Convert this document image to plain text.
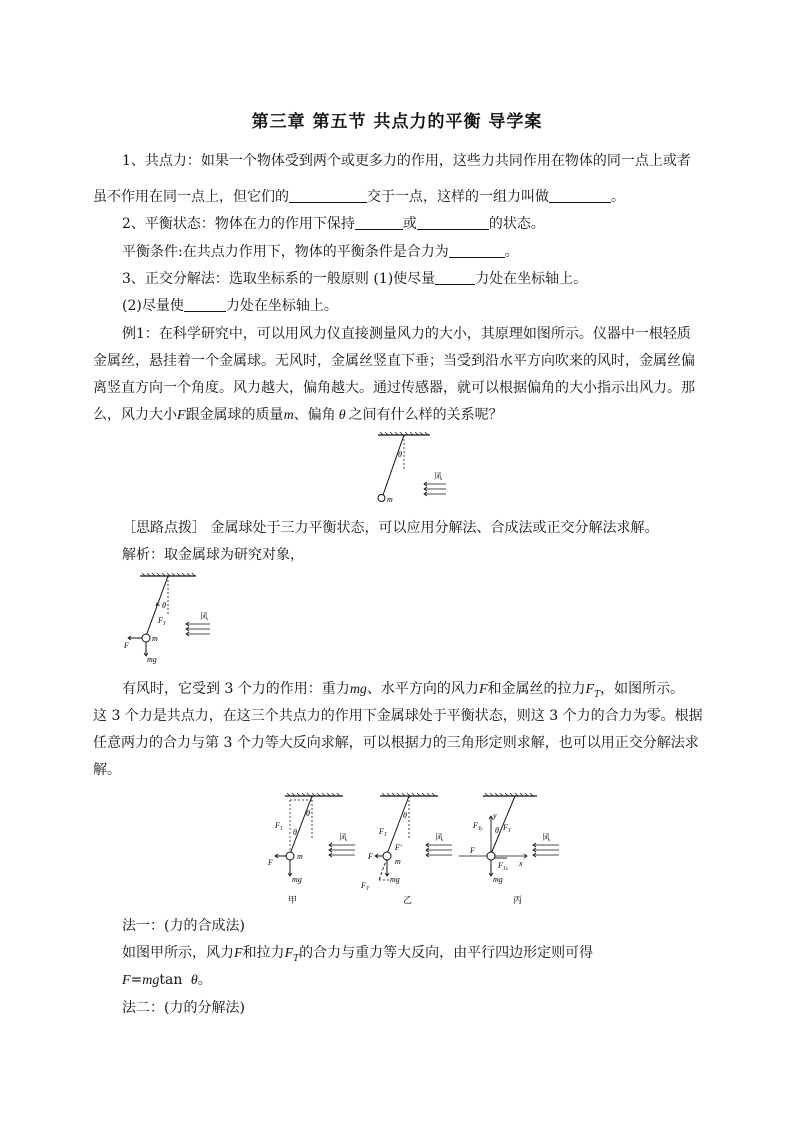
第三章 第五节 共点力的平衡 导学案
1、共点力：如果一个物体受到两个或更多力的作用，这些力共同作用在物体的同一点上或者
虽不作用在同一点上，但它们的	交于一点，这样的一组力叫做	。
2、平衡状态：物体在力的作用下保持	或	的状态。
平衡条件:在共点力作用下，物体的平衡条件是合力为	。
3、正交分解法：选取坐标系的一般原则 (1)使尽量	力处在坐标轴上。
(2)尽量使	力处在坐标轴上。
例1：在科学研究中，可以用风力仪直接测量风力的大小，其原理如图所示。仪器中一根轻质
金属丝，悬挂着一个金属球。无风时，金属丝竖直下垂；当受到沿水平方向吹来的风时，金属丝偏
离竖直方向一个角度。风力越大，偏角越大。通过传感器，就可以根据偏角的大小指示出风力。那
么，风力大小F跟金属球的质量m、偏角 θ 之间有什么样的关系呢？
θ
m
风
［思路点拨］ 金属球处于三力平衡状态，可以应用分解法、合成法或正交分解法求解。
解析：取金属球为研究对象，
θ
$F_T$
F
m
mg
风
有风时，它受到 3 个力的作用：重力mg、水平方向的风力F和金属丝的拉力$F_T$，如图所示。
这 3 个力是共点力，在这三个共点力的作用下金属球处于平衡状态，则这 3 个力的合力为零。根据
任意两力的合力与第 3 个力等大反向求解，可以根据力的三角形定则求解，也可以用正交分解法求
解。
θ
θ
$F_T$
F
m
mg
风
甲
θ
$F_T$
F′
F
m
mg
$F_{T'}$
风
乙
y
x
θ
$F_{Ty}$	$F_T$
F
$F_{Tx}$
mg
风
丙
法一：(力的合成法)
如图甲所示，风力F和拉力$F_T$的合力与重力等大反向，由平行四边形定则可得
F=mgtan θ。
法二：(力的分解法)
